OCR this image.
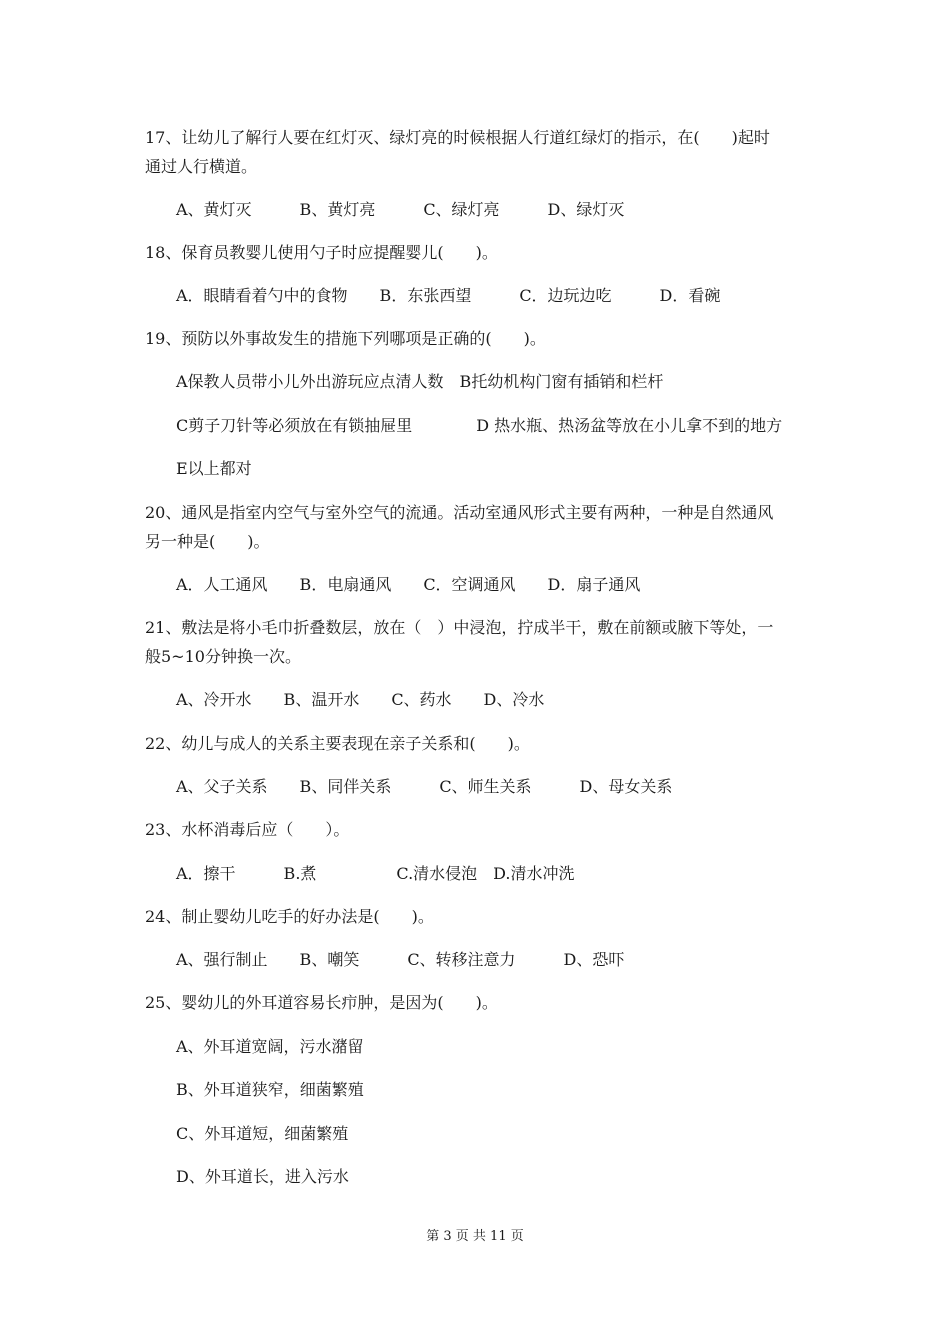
17、让幼儿了解行人要在红灯灭、绿灯亮的时候根据人行道红绿灯的指示，在(　　)起时
通过人行横道。
A、黄灯灭　　　B、黄灯亮　　　C、绿灯亮　　　D、绿灯灭
18、保育员教婴儿使用勺子时应提醒婴儿(　　)。
A．眼睛看着勺中的食物　　B．东张西望　　　C．边玩边吃　　　D．看碗
19、预防以外事故发生的措施下列哪项是正确的(　　)。
A保教人员带小儿外出游玩应点清人数　B托幼机构门窗有插销和栏杆
C剪子刀针等必须放在有锁抽屉里　　　　D 热水瓶、热汤盆等放在小儿拿不到的地方
E以上都对
20、通风是指室内空气与室外空气的流通。活动室通风形式主要有两种，一种是自然通风
另一种是(　　)。
A．人工通风　　B．电扇通风　　C．空调通风　　D．扇子通风
21、敷法是将小毛巾折叠数层，放在（　）中浸泡，拧成半干，敷在前额或腋下等处，一
般5~10分钟换一次。
A、冷开水　　B、温开水　　C、药水　　D、冷水
22、幼儿与成人的关系主要表现在亲子关系和(　　)。
A、父子关系　　B、同伴关系　　　C、师生关系　　　D、母女关系
23、水杯消毒后应（　　）。
A．擦干　　　B.煮　　　　　C.清水侵泡　D.清水冲洗
24、制止婴幼儿吃手的好办法是(　　)。
A、强行制止　　B、嘲笑　　　C、转移注意力　　　D、恐吓
25、婴幼儿的外耳道容易长疖肿，是因为(　　)。
A、外耳道宽阔，污水潴留
B、外耳道狭窄，细菌繁殖
C、外耳道短，细菌繁殖
D、外耳道长，进入污水
第 3 页 共 11 页
